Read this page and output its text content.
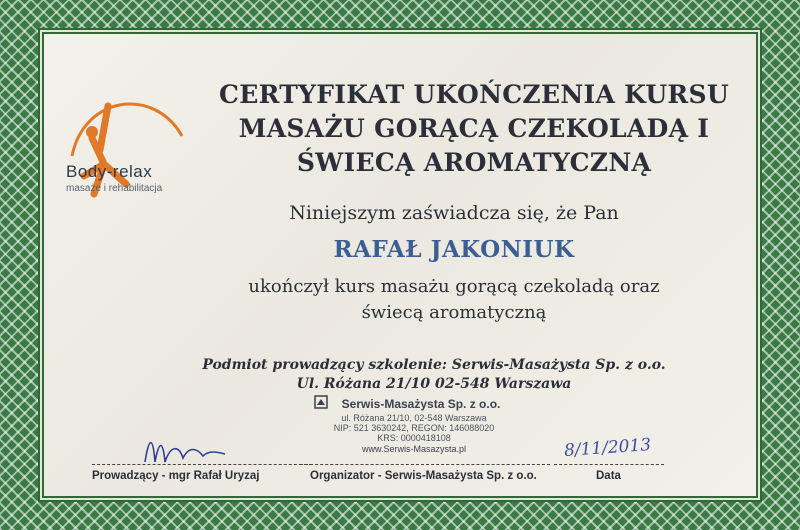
Body-relax
masaże i rehabilitacja
CERTYFIKAT UKOŃCZENIA KURSU
MASAŻU GORĄCĄ CZEKOLADĄ I
ŚWIECĄ AROMATYCZNĄ
Niniejszym zaświadcza się, że Pan
RAFAŁ JAKONIUK
ukończył kurs masażu gorącą czekoladą oraz
świecą aromatyczną
Podmiot prowadzący szkolenie: Serwis-Masażysta Sp. z o.o.
Ul. Różana 21/10 02-548 Warszawa
Serwis-Masażysta Sp. z o.o.
ul. Różana 21/10, 02-548 Warszawa
NIP: 521 3630242, REGON: 146088020
KRS: 0000418108
www.Serwis-Masazysta.pl	8/11/2013
Prowadzący - mgr Rafał Uryzaj	Organizator - Serwis-Masażysta Sp. z o.o.	Data
